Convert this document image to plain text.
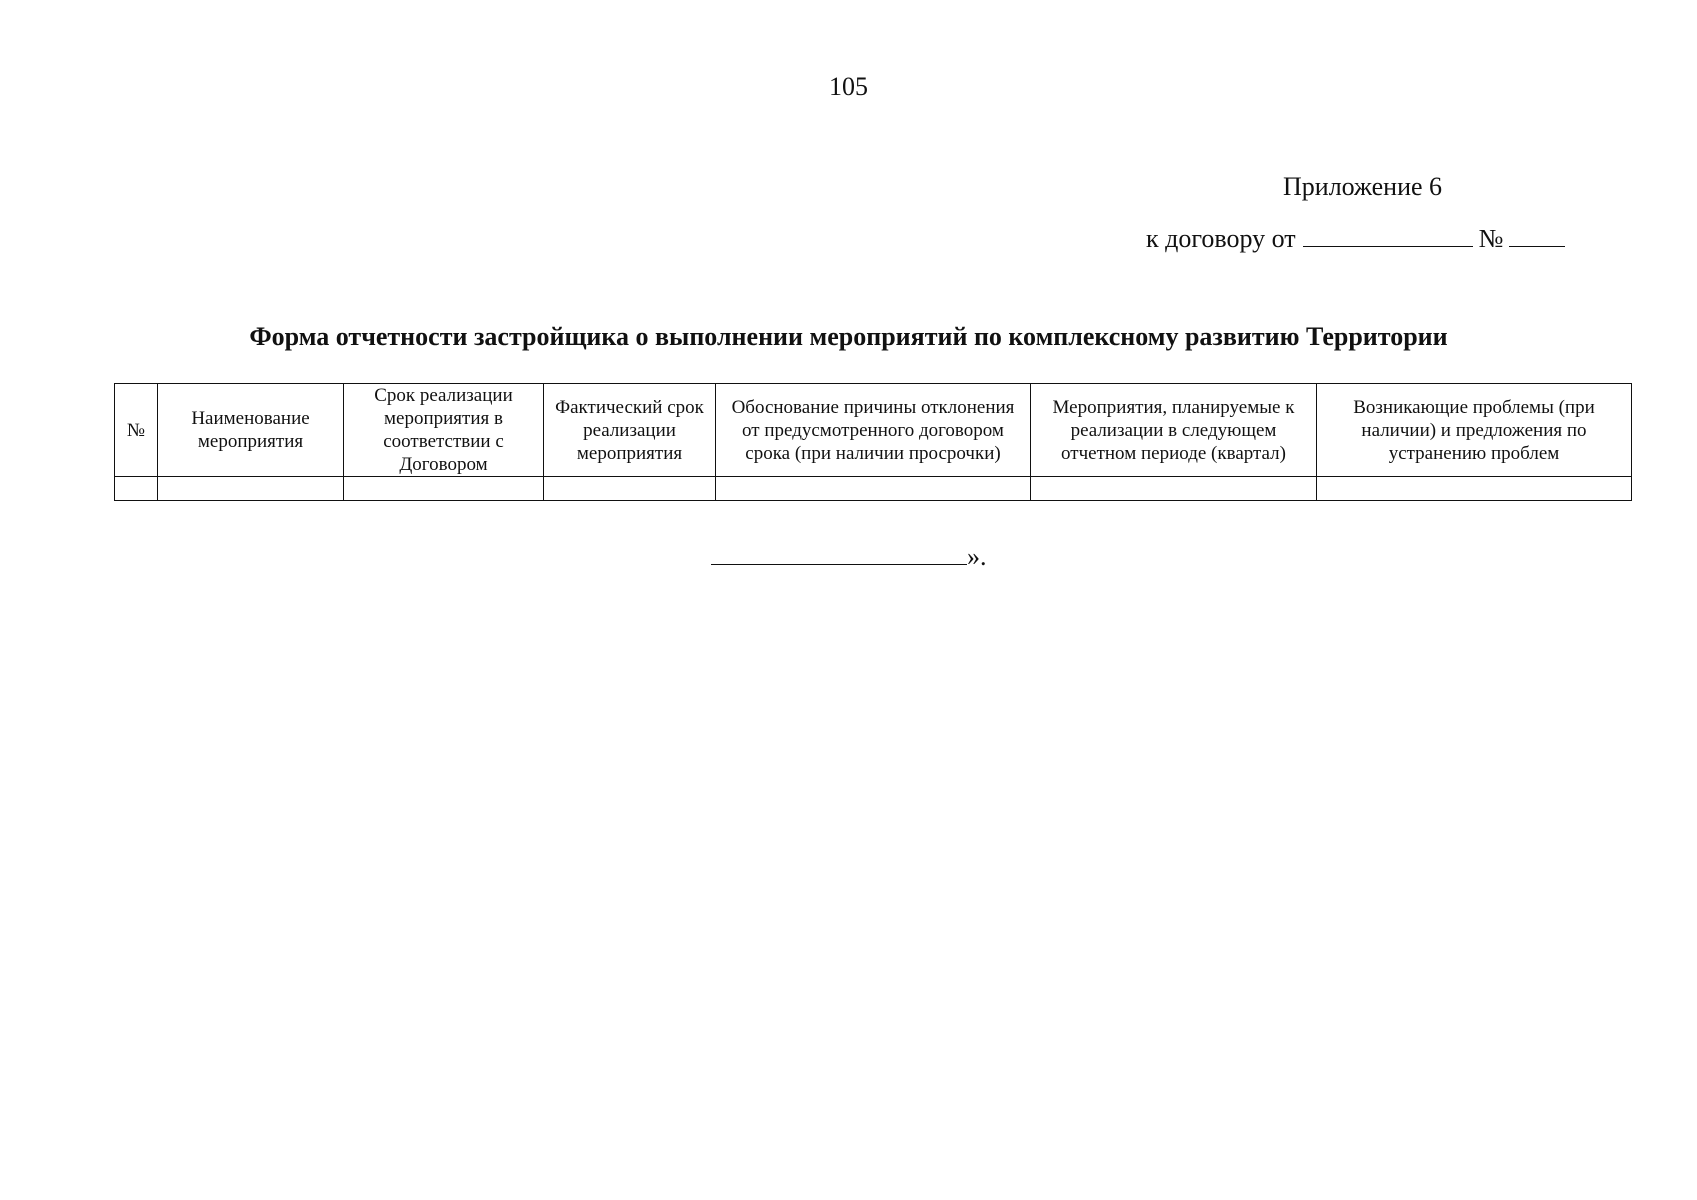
105
Приложение 6
к договору от	№
Форма отчетности застройщика о выполнении мероприятий по комплексному развитию Территории
№	Наименование мероприятия	Срок реализации мероприятия в соответствии с Договором	Фактический срок реализации мероприятия	Обоснование причины отклонения от предусмотренного договором срока (при наличии просрочки)	Мероприятия, планируемые к реализации в следующем отчетном периоде (квартал)	Возникающие проблемы (при наличии) и предложения по устранению проблем

».
